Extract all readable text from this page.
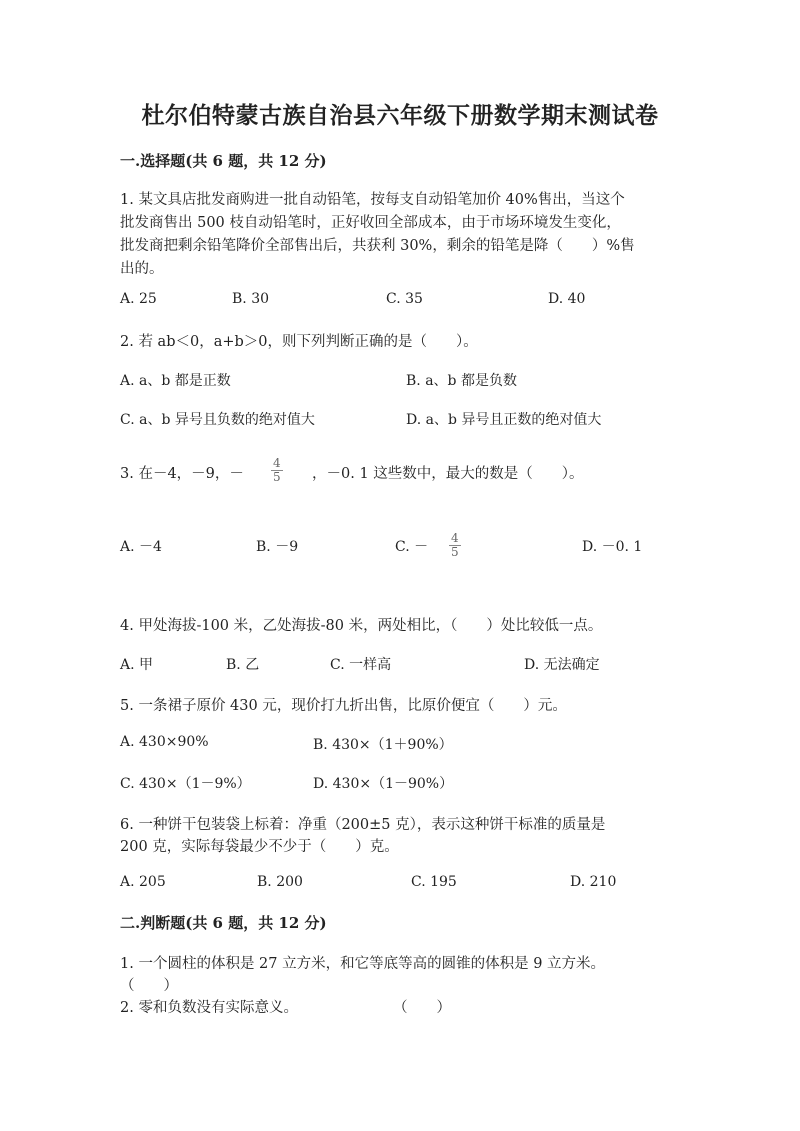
杜尔伯特蒙古族自治县六年级下册数学期末测试卷
一.选择题(共 6 题，共 12 分)
1. 某文具店批发商购进一批自动铅笔，按每支自动铅笔加价 40%售出，当这个
批发商售出 500 枝自动铅笔时，正好收回全部成本，由于市场环境发生变化，
批发商把剩余铅笔降价全部售出后，共获利 30%，剩余的铅笔是降（　　）%售
出的。
A. 25	B. 30	C. 35	D. 40
2. 若 ab＜0，a+b＞0，则下列判断正确的是（　　）。
A. a、b 都是正数	B. a、b 都是负数
C. a、b 异号且负数的绝对值大	D. a、b 异号且正数的绝对值大
3. 在－4，－9，－ $\frac{4}{5}$ ，－0. 1 这些数中，最大的数是（　　）。
A. －4	B. －9	C. － $\frac{4}{5}$	D. －0. 1
4. 甲处海拔-100 米，乙处海拔-80 米，两处相比，（　　）处比较低一点。
A. 甲	B. 乙	C. 一样高	D. 无法确定
5. 一条裙子原价 430 元，现价打九折出售，比原价便宜（　　）元。
A. 430×90%	B. 430×（1＋90%）
C. 430×（1－9%）	D. 430×（1－90%）
6. 一种饼干包装袋上标着：净重（200±5 克），表示这种饼干标准的质量是
200 克，实际每袋最少不少于（　　）克。
A. 205	B. 200	C. 195	D. 210
二.判断题(共 6 题，共 12 分)
1. 一个圆柱的体积是 27 立方米，和它等底等高的圆锥的体积是 9 立方米。
（　　）
2. 零和负数没有实际意义。	（　　）
